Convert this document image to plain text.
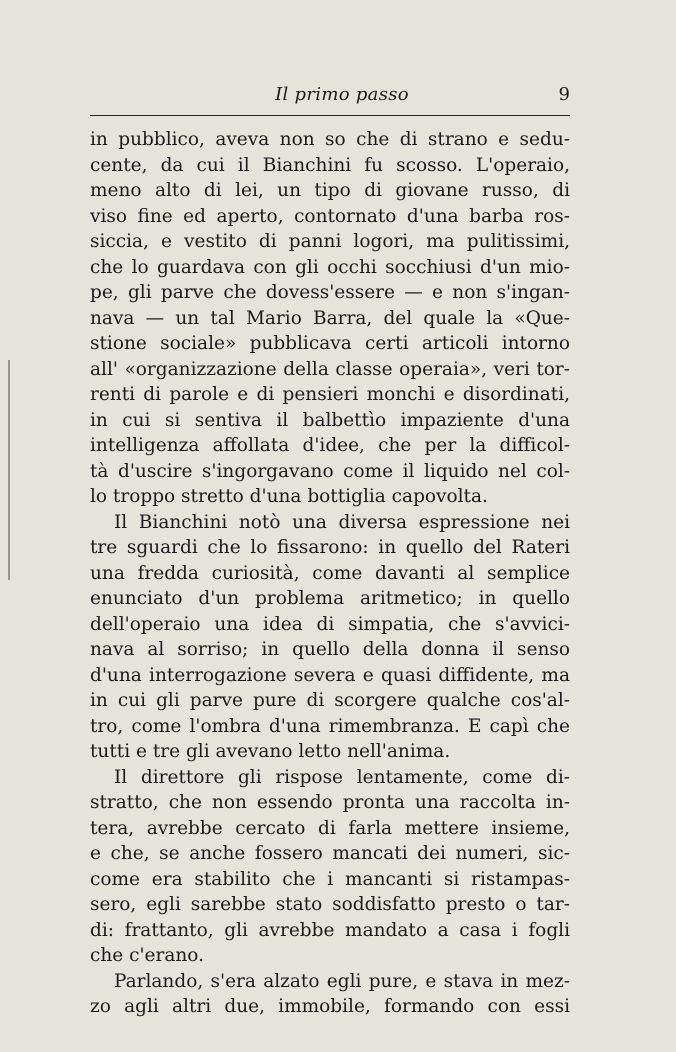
Il primo passo	9
in pubblico, aveva non so che di strano e sedu-
cente, da cui il Bianchini fu scosso. L'operaio,
meno alto di lei, un tipo di giovane russo, di
viso fine ed aperto, contornato d'una barba ros-
siccia, e vestito di panni logori, ma pulitissimi,
che lo guardava con gli occhi socchiusi d'un mio-
pe, gli parve che dovess'essere — e non s'ingan-
nava — un tal Mario Barra, del quale la «Que-
stione sociale» pubblicava certi articoli intorno
all' «organizzazione della classe operaia», veri tor-
renti di parole e di pensieri monchi e disordinati,
in cui si sentiva il balbettìo impaziente d'una
intelligenza affollata d'idee, che per la difficol-
tà d'uscire s'ingorgavano come il liquido nel col-
lo troppo stretto d'una bottiglia capovolta.
Il Bianchini notò una diversa espressione nei
tre sguardi che lo fissarono: in quello del Rateri
una fredda curiosità, come davanti al semplice
enunciato d'un problema aritmetico; in quello
dell'operaio una idea di simpatia, che s'avvici-
nava al sorriso; in quello della donna il senso
d'una interrogazione severa e quasi diffidente, ma
in cui gli parve pure di scorgere qualche cos'al-
tro, come l'ombra d'una rimembranza. E capì che
tutti e tre gli avevano letto nell'anima.
Il direttore gli rispose lentamente, come di-
stratto, che non essendo pronta una raccolta in-
tera, avrebbe cercato di farla mettere insieme,
e che, se anche fossero mancati dei numeri, sic-
come era stabilito che i mancanti si ristampas-
sero, egli sarebbe stato soddisfatto presto o tar-
di: frattanto, gli avrebbe mandato a casa i fogli
che c'erano.
Parlando, s'era alzato egli pure, e stava in mez-
zo agli altri due, immobile, formando con essi
